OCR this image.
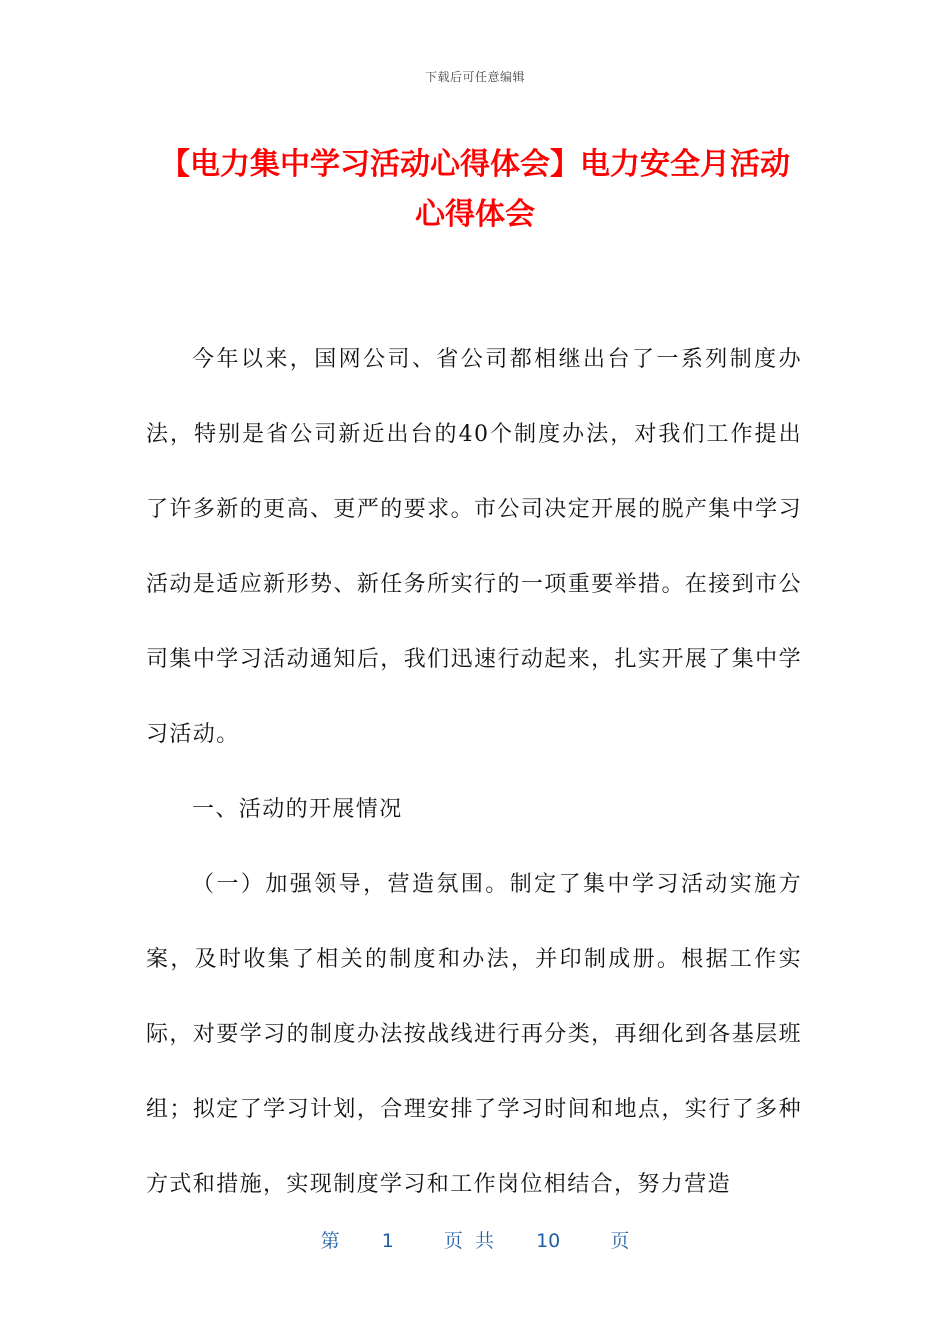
下载后可任意编辑
【电力集中学习活动心得体会】电力安全月活动心得体会

今年以来，国网公司、省公司都相继出台了一系列制度办法，特别是省公司新近出台的40个制度办法，对我们工作提出了许多新的更高、更严的要求。市公司决定开展的脱产集中学习活动是适应新形势、新任务所实行的一项重要举措。在接到市公司集中学习活动通知后，我们迅速行动起来，扎实开展了集中学习活动。

一、活动的开展情况

（一）加强领导，营造氛围。制定了集中学习活动实施方案，及时收集了相关的制度和办法，并印制成册。根据工作实际，对要学习的制度办法按战线进行再分类，再细化到各基层班组；拟定了学习计划，合理安排了学习时间和地点，实行了多种方式和措施，实现制度学习和工作岗位相结合，努力营造

第 1	页 共 10	页
